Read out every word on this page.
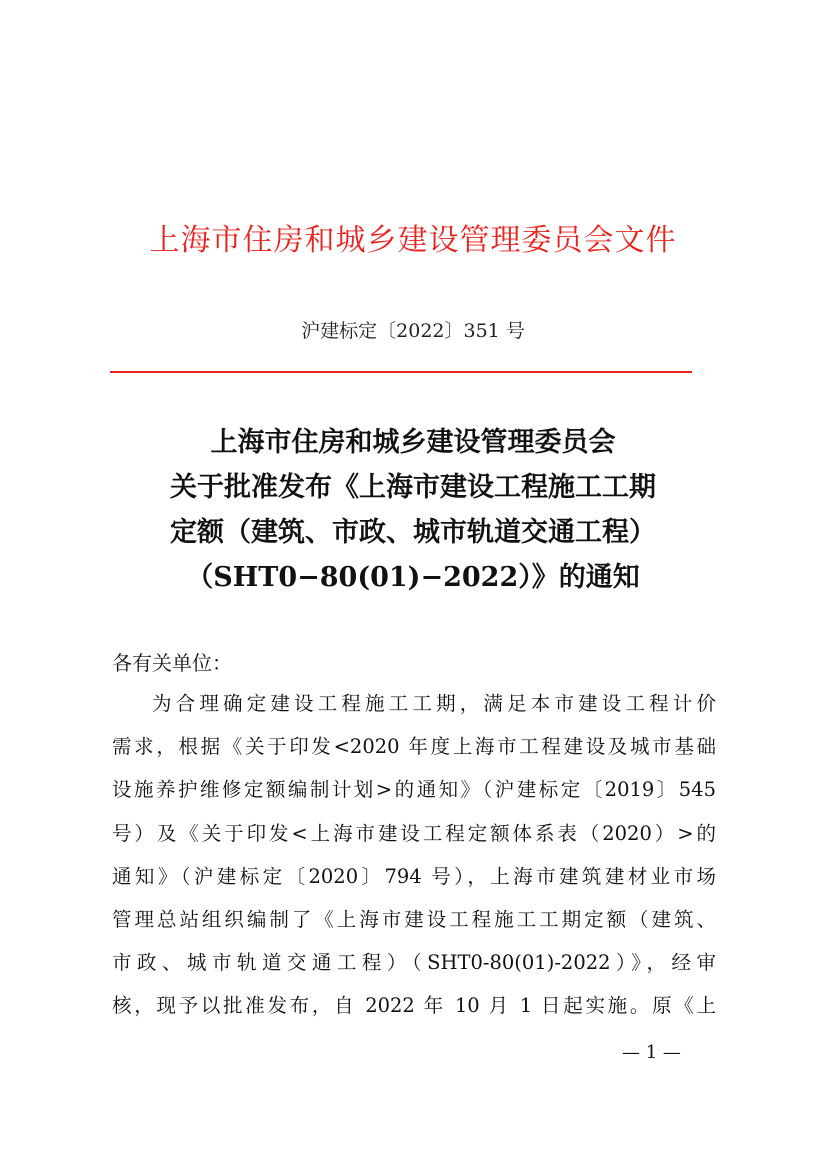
上海市住房和城乡建设管理委员会文件
沪建标定〔2022〕351 号
上海市住房和城乡建设管理委员会
关于批准发布《上海市建设工程施工工期
定额（建筑、市政、城市轨道交通工程）
（SHT0−80(01)−2022）》的通知
各有关单位：
为合理确定建设工程施工工期，满足本市建设工程计价
需求，根据《关于印发<2020 年度上海市工程建设及城市基础
设施养护维修定额编制计划>的通知》（沪建标定〔2019〕545
号）及《关于印发<上海市建设工程定额体系表（2020）>的
通知》（沪建标定〔2020〕794 号），上海市建筑建材业市场
管理总站组织编制了《上海市建设工程施工工期定额（建筑、
市政、城市轨道交通工程）（SHT0-80(01)-2022）》，经审
核，现予以批准发布，自 2022 年 10 月 1 日起实施。原《上
— 1 —
